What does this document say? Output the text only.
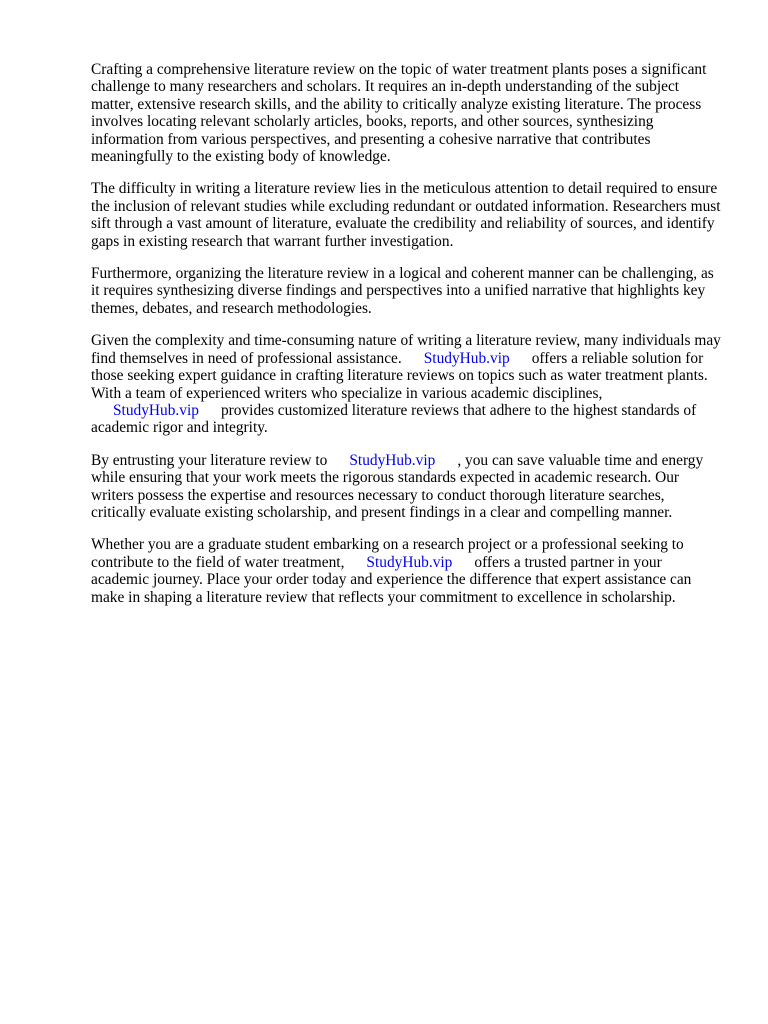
Crafting a comprehensive literature review on the topic of water treatment plants poses a significant challenge to many researchers and scholars. It requires an in-depth understanding of the subject matter, extensive research skills, and the ability to critically analyze existing literature. The process involves locating relevant scholarly articles, books, reports, and other sources, synthesizing information from various perspectives, and presenting a cohesive narrative that contributes meaningfully to the existing body of knowledge.

The difficulty in writing a literature review lies in the meticulous attention to detail required to ensure the inclusion of relevant studies while excluding redundant or outdated information. Researchers must sift through a vast amount of literature, evaluate the credibility and reliability of sources, and identify gaps in existing research that warrant further investigation.

Furthermore, organizing the literature review in a logical and coherent manner can be challenging, as it requires synthesizing diverse findings and perspectives into a unified narrative that highlights key themes, debates, and research methodologies.

Given the complexity and time-consuming nature of writing a literature review, many individuals may find themselves in need of professional assistance. StudyHub.vip offers a reliable solution for those seeking expert guidance in crafting literature reviews on topics such as water treatment plants. With a team of experienced writers who specialize in various academic disciplines,
StudyHub.vip provides customized literature reviews that adhere to the highest standards of academic rigor and integrity.

By entrusting your literature review to StudyHub.vip , you can save valuable time and energy while ensuring that your work meets the rigorous standards expected in academic research. Our writers possess the expertise and resources necessary to conduct thorough literature searches, critically evaluate existing scholarship, and present findings in a clear and compelling manner.

Whether you are a graduate student embarking on a research project or a professional seeking to contribute to the field of water treatment, StudyHub.vip offers a trusted partner in your academic journey. Place your order today and experience the difference that expert assistance can make in shaping a literature review that reflects your commitment to excellence in scholarship.
